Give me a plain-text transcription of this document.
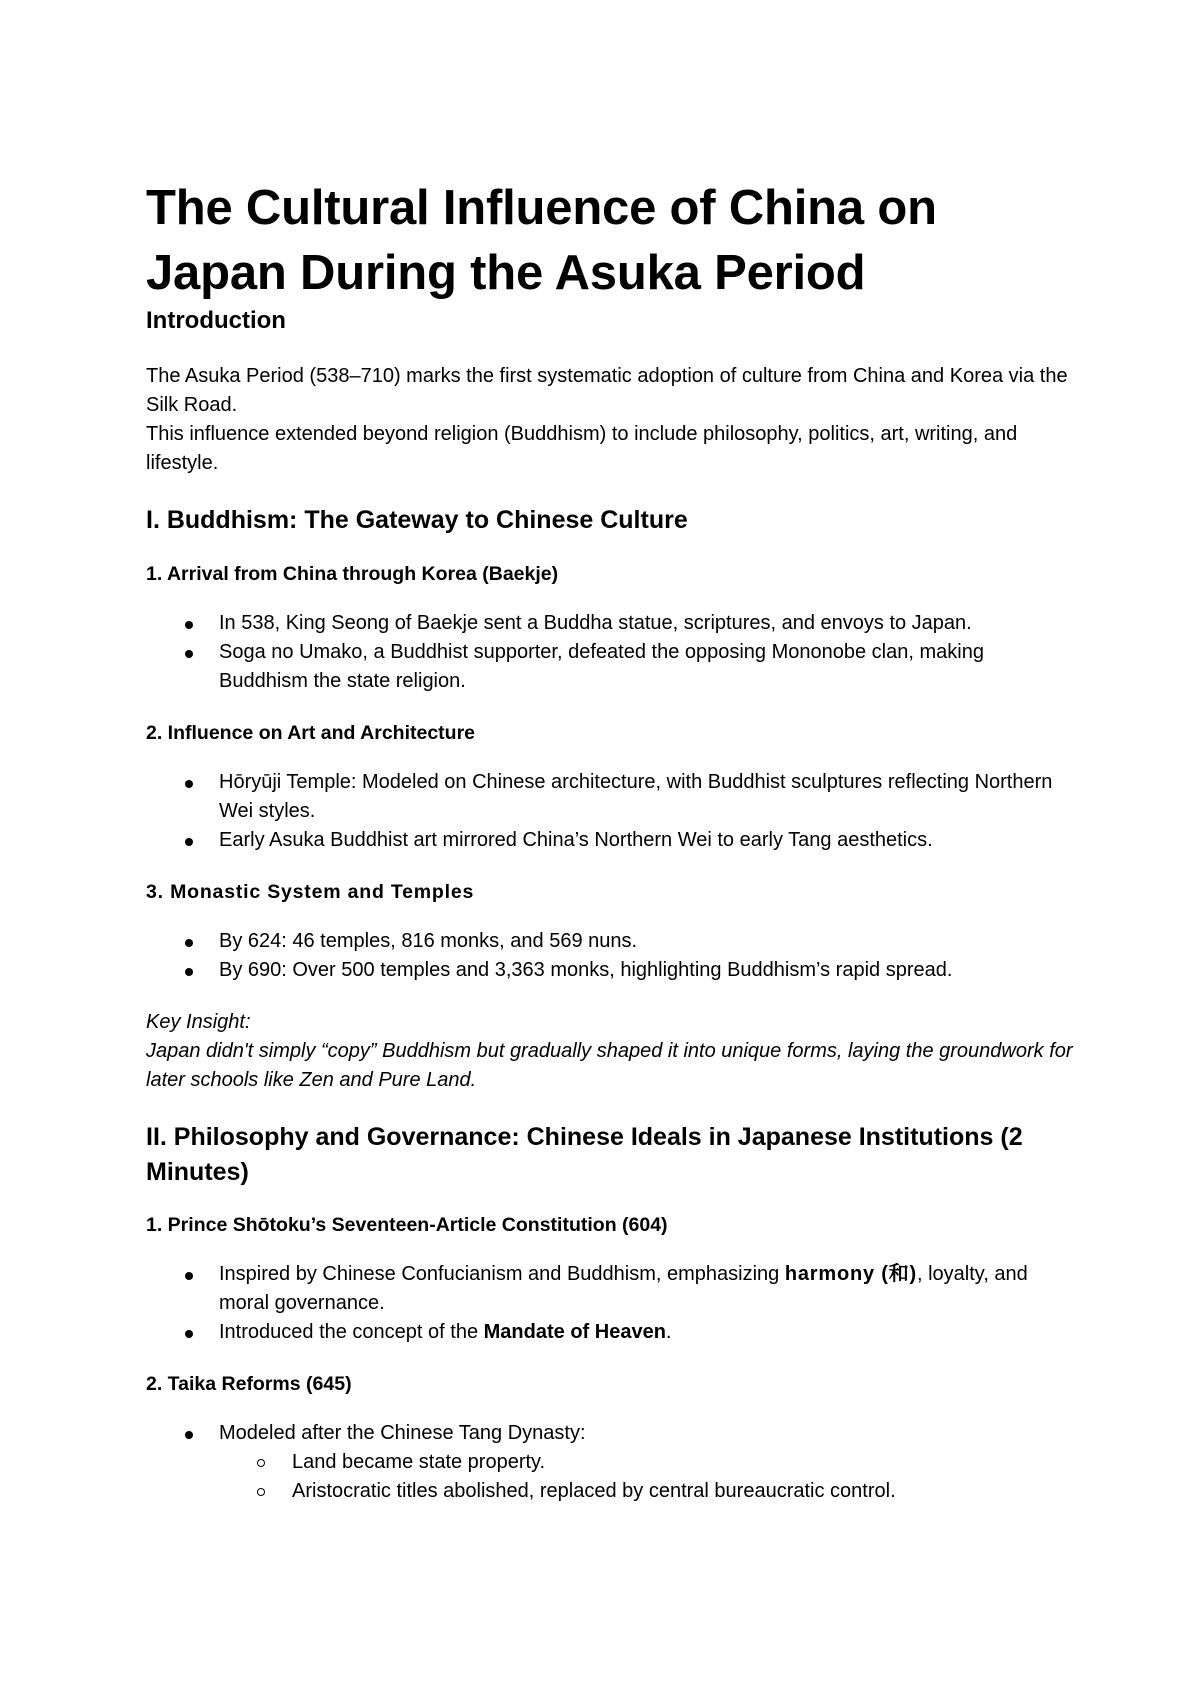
The Cultural Influence of China on Japan During the Asuka Period
Introduction

The Asuka Period (538–710) marks the first systematic adoption of culture from China and Korea via the Silk Road.

This influence extended beyond religion (Buddhism) to include philosophy, politics, art, writing, and lifestyle.

I. Buddhism: The Gateway to Chinese Culture
1. Arrival from China through Korea (Baekje)
In 538, King Seong of Baekje sent a Buddha statue, scriptures, and envoys to Japan.
Soga no Umako, a Buddhist supporter, defeated the opposing Mononobe clan, making Buddhism the state religion.
2. Influence on Art and Architecture
Hōryūji Temple: Modeled on Chinese architecture, with Buddhist sculptures reflecting Northern Wei styles.
Early Asuka Buddhist art mirrored China’s Northern Wei to early Tang aesthetics.
3. Monastic System and Temples
By 624: 46 temples, 816 monks, and 569 nuns.
By 690: Over 500 temples and 3,363 monks, highlighting Buddhism’s rapid spread.

Key Insight:

Japan didn't simply “copy” Buddhism but gradually shaped it into unique forms, laying the groundwork for later schools like Zen and Pure Land.

II. Philosophy and Governance: Chinese Ideals in Japanese Institutions (2 Minutes)
1. Prince Shōtoku’s Seventeen-Article Constitution (604)
Inspired by Chinese Confucianism and Buddhism, emphasizing harmony (和), loyalty, and moral governance.
Introduced the concept of the Mandate of Heaven.
2. Taika Reforms (645)
Modeled after the Chinese Tang Dynasty:
Land became state property.
Aristocratic titles abolished, replaced by central bureaucratic control.
